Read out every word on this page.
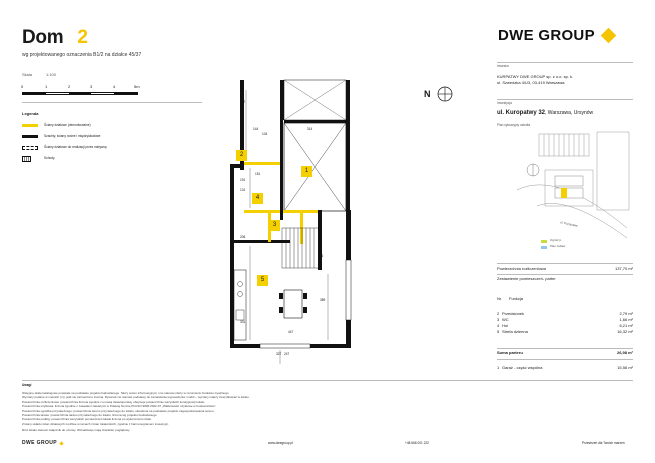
Dom 2
wg projektowanego oznaczenia B1/2 na działce 45/37
DWE GROUP
Skala	1:100
0	1	2	3	4	5m
Legenda
Ściany działowe (demontowalne)
Szachty, ściany nośne i międzylokalowe
Ściany działowe do realizacji przez nabywcę
Schody
1
2
3
4
5
517
144	314
104
191
151
131
206
389
331
447
327 247
176
N
Inwestor
KURPATWY DWE GROUP sp. z o.o. sp. k.
ul. Szwedzka 4/U3, 03-419 Warszawa
Inwestycja
ul. Kuropatwy 32, Warszawa, Ursynów
Plan sytuacyjny osiedla
ul. Kuropatwy
Ogród jt.
Plac zabaw
Powierzchnia rozliczeniowa	137,70 m²
Zestawienie pomieszczeń- parter
Nr	Funkcja
2 Przedsionek	2,79 m²
3 WC	1,66 m²
4 Hol	6,21 m²
5 Strefa dzienna	16,32 m²
Suma parteru	26,98 m²
1 Garaż - część wspólna	15,56 m²
Uwagi
Wstępne skale katalogowe powstałe na podstawie projektu budowlanego. Służy celom informacyjnym i nie stanowi oferty w rozumieniu Kodeksu Cywilnego.
Wymiary podane w metrach (m), jeśli nie zaznaczono inaczej. Rysunek nie stanowi podstawy do zamawiania wyposażenia i mebli – wymiary należy zweryfikować w lokalu.
Powierzchnia rozliczeniowa: powierzchnia liczona zgodnie z umową deweloperską, obejmuje powierzchnie wszystkich kondygnacji lokalu.
Powierzchnia użytkowa: liczona zgodnie z zasadami zawartymi w Polskiej Normie PN-ISO 9836:2022-07 „Właściwości użytkowe w budownictwie”.
Powierzchnia ogródka przynależnego: powierzchnia terenu przynależnego do lokalu, określona na podstawie projektu zagospodarowania terenu.
Powierzchnia tarasu: powierzchnia tarasu przynależnego do lokalu, liczona wg projektu budowlanego.
Powierzchnia podłóg: powierzchnia wszystkich pomieszczeń lokalu liczona po wykończeniu ścian.
Zmiany układu ścian działowych możliwe w ramach zmian lokatorskich, zgodnie z harmonogramem inwestycji.
Rzut lokalu stanowi załącznik do umowy. Wizualizacje mają charakter poglądowy.
DWE GROUP	www.dwegroup.pl	+48 666 001 222	Przestrzeń dla Twoich marzeń
